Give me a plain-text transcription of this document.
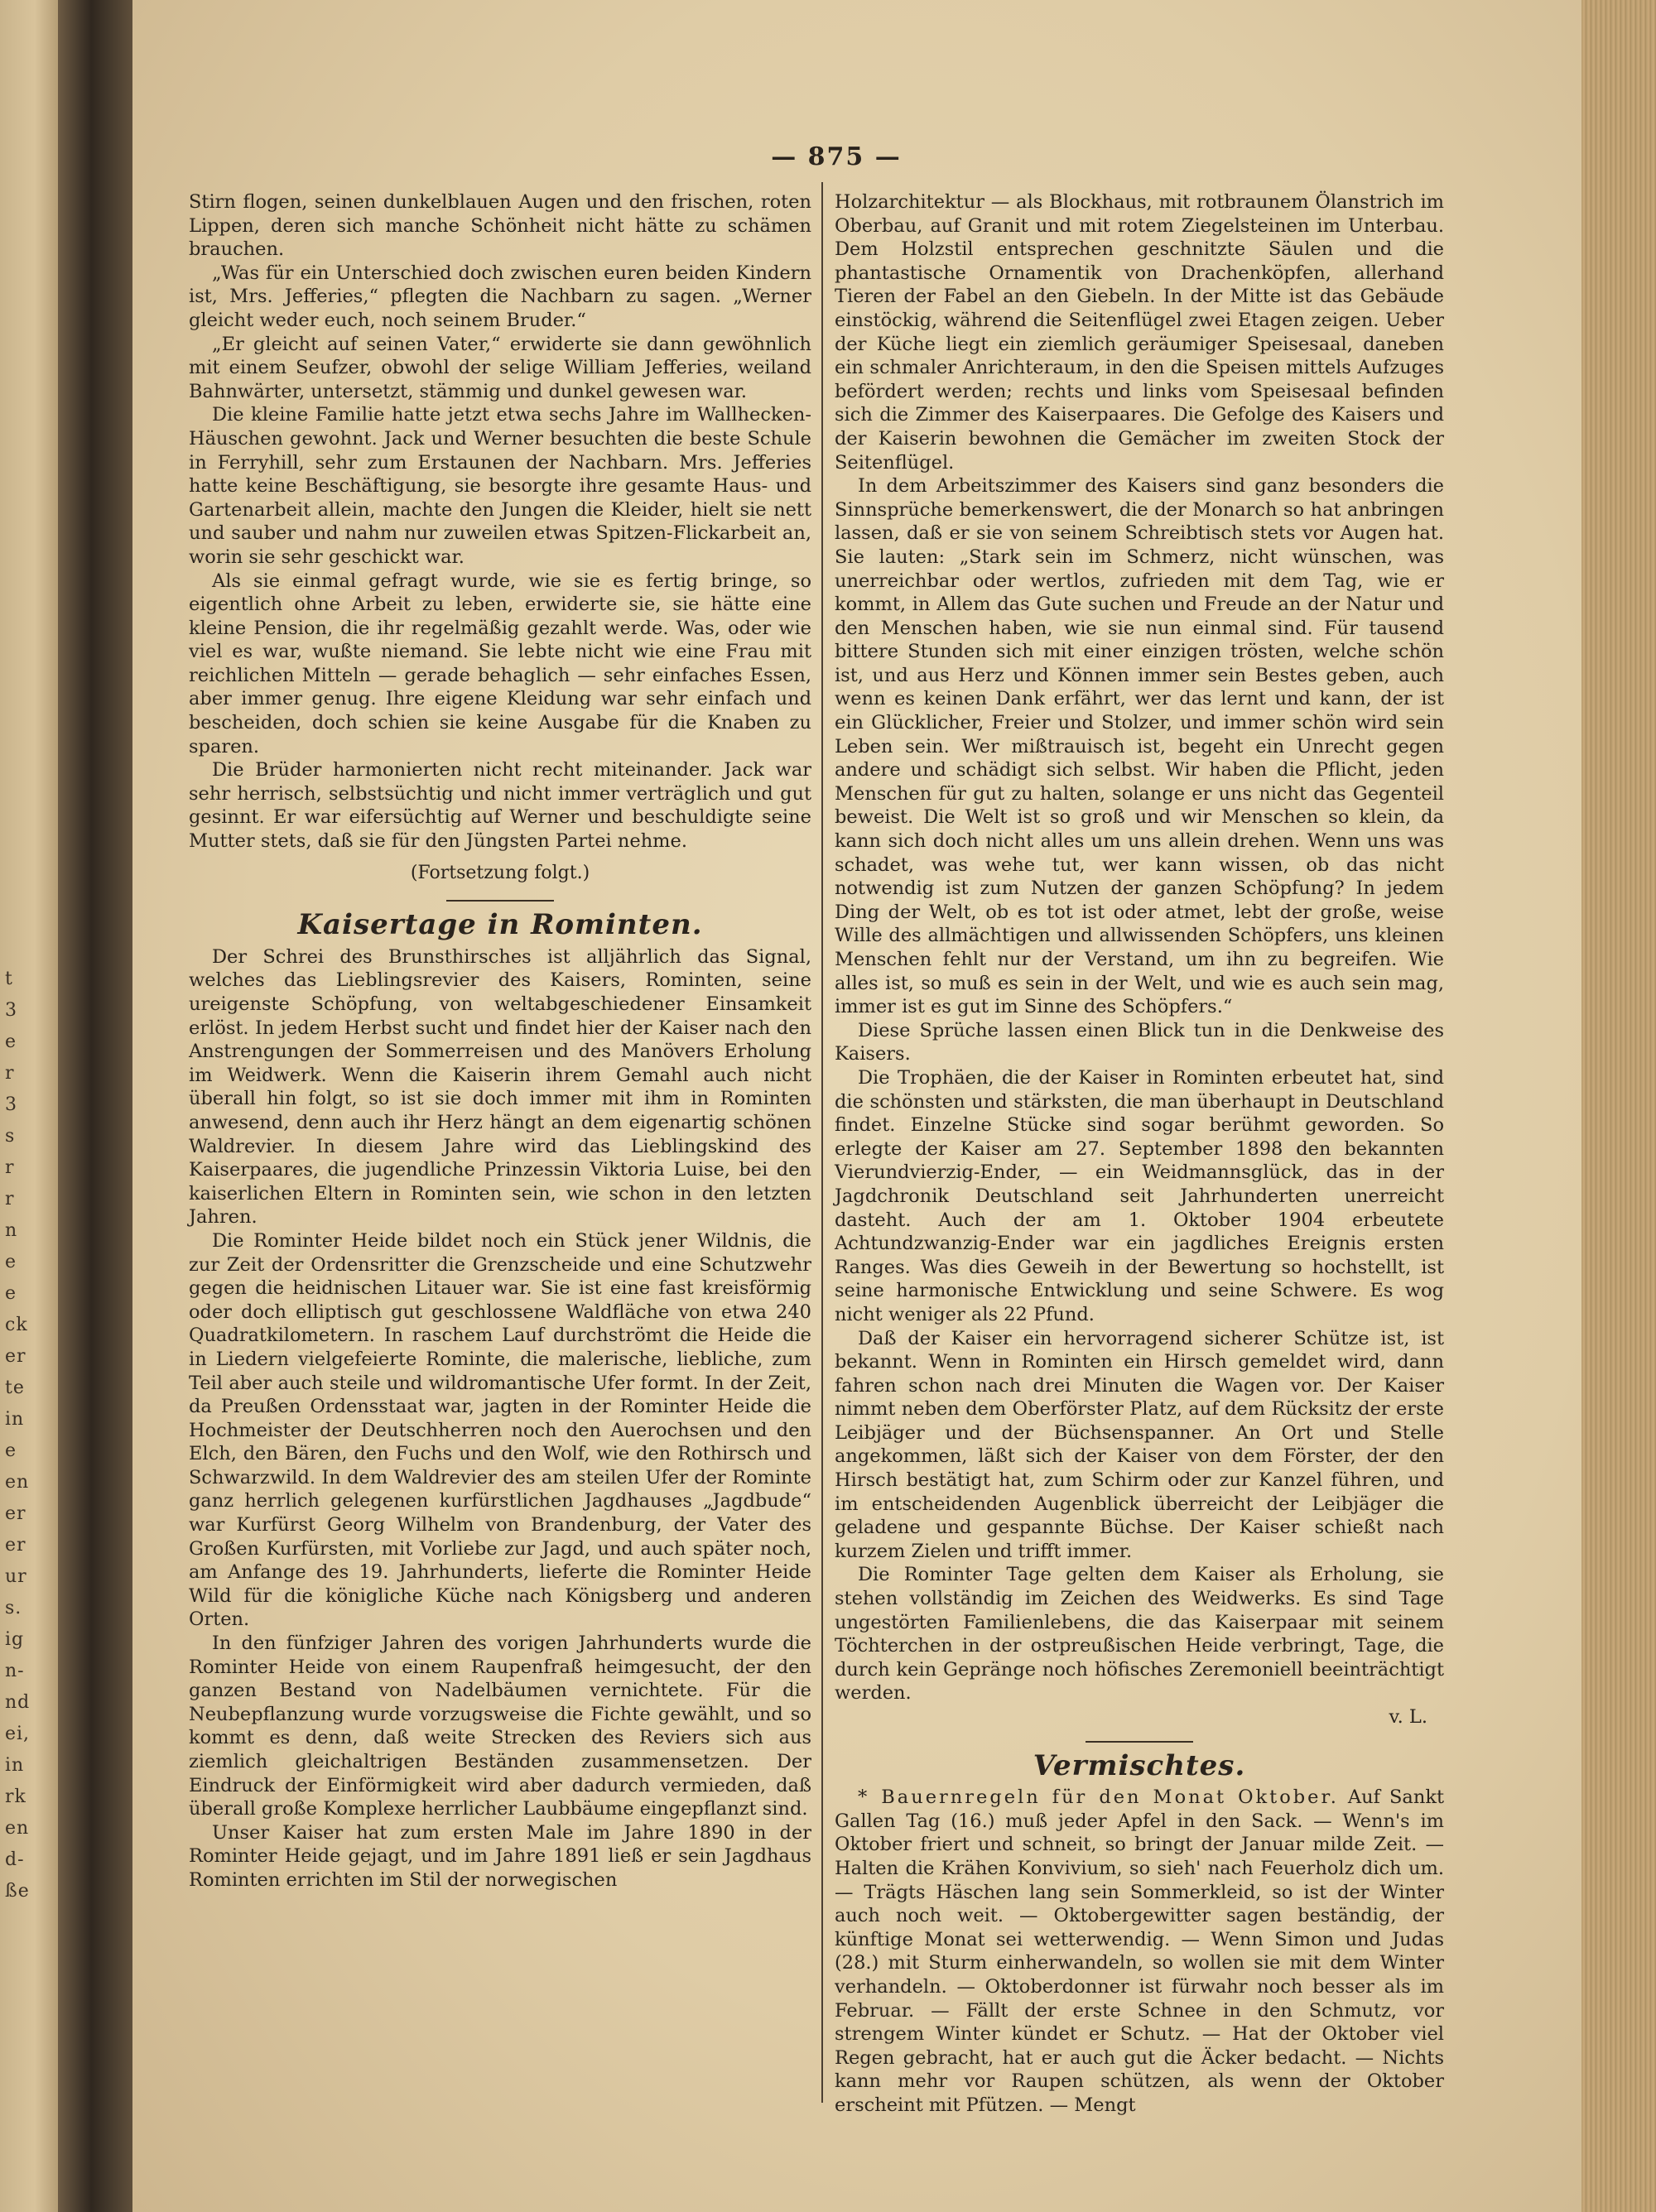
t
3
e
r
3
s
r
r
n
e
e
ck
er
te
in
e
en
er
er
ur
s.
ig
n-
nd
ei,
in
rk
en
d-
ße
— 875 —

Stirn flogen, seinen dunkelblauen Augen und den frischen, roten Lippen, deren sich manche Schönheit nicht hätte zu schämen brauchen.

„Was für ein Unterschied doch zwischen euren beiden Kindern ist, Mrs. Jefferies,“ pflegten die Nachbarn zu sagen. „Werner gleicht weder euch, noch seinem Bruder.“

„Er gleicht auf seinen Vater,“ erwiderte sie dann gewöhnlich mit einem Seufzer, obwohl der selige William Jefferies, weiland Bahnwärter, untersetzt, stämmig und dunkel gewesen war.

Die kleine Familie hatte jetzt etwa sechs Jahre im Wallhecken-Häuschen gewohnt. Jack und Werner besuchten die beste Schule in Ferryhill, sehr zum Erstaunen der Nachbarn. Mrs. Jefferies hatte keine Beschäftigung, sie besorgte ihre gesamte Haus- und Gartenarbeit allein, machte den Jungen die Kleider, hielt sie nett und sauber und nahm nur zuweilen etwas Spitzen-Flickarbeit an, worin sie sehr geschickt war.

Als sie einmal gefragt wurde, wie sie es fertig bringe, so eigentlich ohne Arbeit zu leben, erwiderte sie, sie hätte eine kleine Pension, die ihr regelmäßig gezahlt werde. Was, oder wie viel es war, wußte niemand. Sie lebte nicht wie eine Frau mit reichlichen Mitteln — gerade behaglich — sehr einfaches Essen, aber immer genug. Ihre eigene Kleidung war sehr einfach und bescheiden, doch schien sie keine Ausgabe für die Knaben zu sparen.

Die Brüder harmonierten nicht recht miteinander. Jack war sehr herrisch, selbstsüchtig und nicht immer verträglich und gut gesinnt. Er war eifersüchtig auf Werner und beschuldigte seine Mutter stets, daß sie für den Jüngsten Partei nehme.

(Fortsetzung folgt.)
Kaisertage in Rominten.

Der Schrei des Brunsthirsches ist alljährlich das Signal, welches das Lieblingsrevier des Kaisers, Rominten, seine ureigenste Schöpfung, von weltabgeschiedener Einsamkeit erlöst. In jedem Herbst sucht und findet hier der Kaiser nach den Anstrengungen der Sommerreisen und des Manövers Erholung im Weidwerk. Wenn die Kaiserin ihrem Gemahl auch nicht überall hin folgt, so ist sie doch immer mit ihm in Rominten anwesend, denn auch ihr Herz hängt an dem eigenartig schönen Waldrevier. In diesem Jahre wird das Lieblingskind des Kaiserpaares, die jugendliche Prinzessin Viktoria Luise, bei den kaiserlichen Eltern in Rominten sein, wie schon in den letzten Jahren.

Die Rominter Heide bildet noch ein Stück jener Wildnis, die zur Zeit der Ordensritter die Grenzscheide und eine Schutzwehr gegen die heidnischen Litauer war. Sie ist eine fast kreisförmig oder doch elliptisch gut geschlossene Waldfläche von etwa 240 Quadratkilometern. In raschem Lauf durchströmt die Heide die in Liedern vielgefeierte Rominte, die malerische, liebliche, zum Teil aber auch steile und wildromantische Ufer formt. In der Zeit, da Preußen Ordensstaat war, jagten in der Rominter Heide die Hochmeister der Deutschherren noch den Auerochsen und den Elch, den Bären, den Fuchs und den Wolf, wie den Rothirsch und Schwarzwild. In dem Waldrevier des am steilen Ufer der Rominte ganz herrlich gelegenen kurfürstlichen Jagdhauses „Jagdbude“ war Kurfürst Georg Wilhelm von Brandenburg, der Vater des Großen Kurfürsten, mit Vorliebe zur Jagd, und auch später noch, am Anfange des 19. Jahrhunderts, lieferte die Rominter Heide Wild für die königliche Küche nach Königsberg und anderen Orten.

In den fünfziger Jahren des vorigen Jahrhunderts wurde die Rominter Heide von einem Raupenfraß heimgesucht, der den ganzen Bestand von Nadelbäumen vernichtete. Für die Neubepflanzung wurde vorzugsweise die Fichte gewählt, und so kommt es denn, daß weite Strecken des Reviers sich aus ziemlich gleichaltrigen Beständen zusammensetzen. Der Eindruck der Einförmigkeit wird aber dadurch vermieden, daß überall große Komplexe herrlicher Laubbäume eingepflanzt sind.

Unser Kaiser hat zum ersten Male im Jahre 1890 in der Rominter Heide gejagt, und im Jahre 1891 ließ er sein Jagdhaus Rominten errichten im Stil der norwegischen

Holzarchitektur — als Blockhaus, mit rotbraunem Ölanstrich im Oberbau, auf Granit und mit rotem Ziegelsteinen im Unterbau. Dem Holzstil entsprechen geschnitzte Säulen und die phantastische Ornamentik von Drachenköpfen, allerhand Tieren der Fabel an den Giebeln. In der Mitte ist das Gebäude einstöckig, während die Seitenflügel zwei Etagen zeigen. Ueber der Küche liegt ein ziemlich geräumiger Speisesaal, daneben ein schmaler Anrichteraum, in den die Speisen mittels Aufzuges befördert werden; rechts und links vom Speisesaal befinden sich die Zimmer des Kaiserpaares. Die Gefolge des Kaisers und der Kaiserin bewohnen die Gemächer im zweiten Stock der Seitenflügel.

In dem Arbeitszimmer des Kaisers sind ganz besonders die Sinnsprüche bemerkenswert, die der Monarch so hat anbringen lassen, daß er sie von seinem Schreibtisch stets vor Augen hat. Sie lauten: „Stark sein im Schmerz, nicht wünschen, was unerreichbar oder wertlos, zufrieden mit dem Tag, wie er kommt, in Allem das Gute suchen und Freude an der Natur und den Menschen haben, wie sie nun einmal sind. Für tausend bittere Stunden sich mit einer einzigen trösten, welche schön ist, und aus Herz und Können immer sein Bestes geben, auch wenn es keinen Dank erfährt, wer das lernt und kann, der ist ein Glücklicher, Freier und Stolzer, und immer schön wird sein Leben sein. Wer mißtrauisch ist, begeht ein Unrecht gegen andere und schädigt sich selbst. Wir haben die Pflicht, jeden Menschen für gut zu halten, solange er uns nicht das Gegenteil beweist. Die Welt ist so groß und wir Menschen so klein, da kann sich doch nicht alles um uns allein drehen. Wenn uns was schadet, was wehe tut, wer kann wissen, ob das nicht notwendig ist zum Nutzen der ganzen Schöpfung? In jedem Ding der Welt, ob es tot ist oder atmet, lebt der große, weise Wille des allmächtigen und allwissenden Schöpfers, uns kleinen Menschen fehlt nur der Verstand, um ihn zu begreifen. Wie alles ist, so muß es sein in der Welt, und wie es auch sein mag, immer ist es gut im Sinne des Schöpfers.“

Diese Sprüche lassen einen Blick tun in die Denkweise des Kaisers.

Die Trophäen, die der Kaiser in Rominten erbeutet hat, sind die schönsten und stärksten, die man überhaupt in Deutschland findet. Einzelne Stücke sind sogar berühmt geworden. So erlegte der Kaiser am 27. September 1898 den bekannten Vierundvierzig-Ender, — ein Weidmannsglück, das in der Jagdchronik Deutschland seit Jahrhunderten unerreicht dasteht. Auch der am 1. Oktober 1904 erbeutete Achtundzwanzig-Ender war ein jagdliches Ereignis ersten Ranges. Was dies Geweih in der Bewertung so hochstellt, ist seine harmonische Entwicklung und seine Schwere. Es wog nicht weniger als 22 Pfund.

Daß der Kaiser ein hervorragend sicherer Schütze ist, ist bekannt. Wenn in Rominten ein Hirsch gemeldet wird, dann fahren schon nach drei Minuten die Wagen vor. Der Kaiser nimmt neben dem Oberförster Platz, auf dem Rücksitz der erste Leibjäger und der Büchsenspanner. An Ort und Stelle angekommen, läßt sich der Kaiser von dem Förster, der den Hirsch bestätigt hat, zum Schirm oder zur Kanzel führen, und im entscheidenden Augenblick überreicht der Leibjäger die geladene und gespannte Büchse. Der Kaiser schießt nach kurzem Zielen und trifft immer.

Die Rominter Tage gelten dem Kaiser als Erholung, sie stehen vollständig im Zeichen des Weidwerks. Es sind Tage ungestörten Familienlebens, die das Kaiserpaar mit seinem Töchterchen in der ostpreußischen Heide verbringt, Tage, die durch kein Gepränge noch höfisches Zeremoniell beeinträchtigt werden.

v. L.
Vermischtes.

* Bauernregeln für den Monat Oktober. Auf Sankt Gallen Tag (16.) muß jeder Apfel in den Sack. — Wenn's im Oktober friert und schneit, so bringt der Januar milde Zeit. — Halten die Krähen Konvivium, so sieh' nach Feuerholz dich um. — Trägts Häschen lang sein Sommerkleid, so ist der Winter auch noch weit. — Oktobergewitter sagen beständig, der künftige Monat sei wetterwendig. — Wenn Simon und Judas (28.) mit Sturm einherwandeln, so wollen sie mit dem Winter verhandeln. — Oktoberdonner ist fürwahr noch besser als im Februar. — Fällt der erste Schnee in den Schmutz, vor strengem Winter kündet er Schutz. — Hat der Oktober viel Regen gebracht, hat er auch gut die Äcker bedacht. — Nichts kann mehr vor Raupen schützen, als wenn der Oktober erscheint mit Pfützen. — Mengt
